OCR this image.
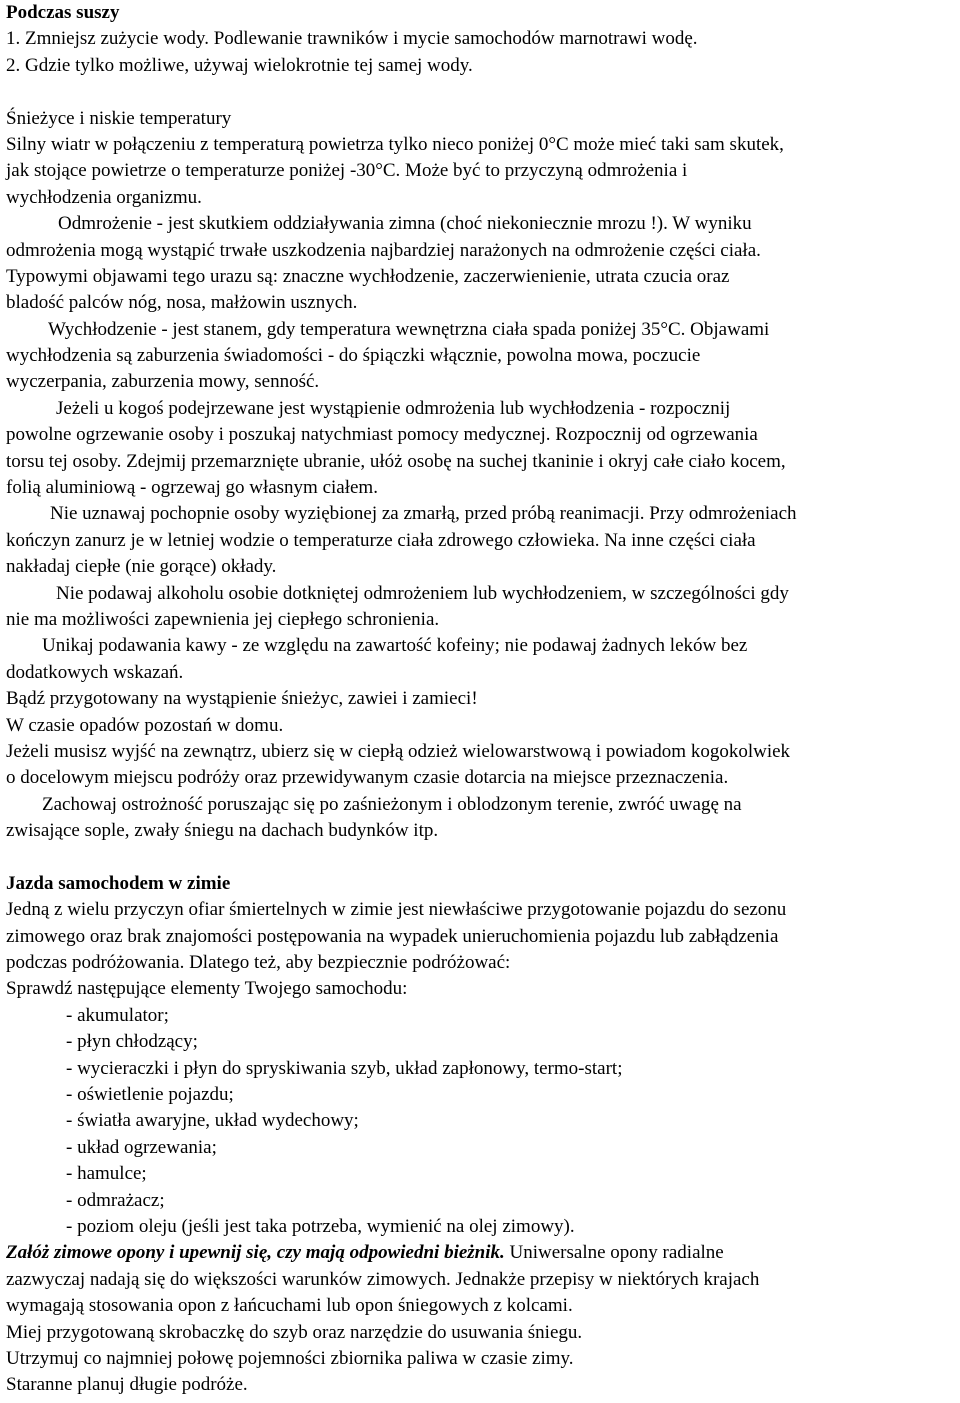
Podczas suszy
1. Zmniejsz zużycie wody. Podlewanie trawników i mycie samochodów marnotrawi wodę.
2. Gdzie tylko możliwe, używaj wielokrotnie tej samej wody.
Śnieżyce i niskie temperatury
Silny wiatr w połączeniu z temperaturą powietrza tylko nieco poniżej 0°C może mieć taki sam skutek,
jak stojące powietrze o temperaturze poniżej -30°C. Może być to przyczyną odmrożenia i
wychłodzenia organizmu.
Odmrożenie - jest skutkiem oddziaływania zimna (choć niekoniecznie mrozu !). W wyniku
odmrożenia mogą wystąpić trwałe uszkodzenia najbardziej narażonych na odmrożenie części ciała.
Typowymi objawami tego urazu są: znaczne wychłodzenie, zaczerwienienie, utrata czucia oraz
bladość palców nóg, nosa, małżowin usznych.
Wychłodzenie - jest stanem, gdy temperatura wewnętrzna ciała spada poniżej 35°C. Objawami
wychłodzenia są zaburzenia świadomości - do śpiączki włącznie, powolna mowa, poczucie
wyczerpania, zaburzenia mowy, senność.
Jeżeli u kogoś podejrzewane jest wystąpienie odmrożenia lub wychłodzenia - rozpocznij
powolne ogrzewanie osoby i poszukaj natychmiast pomocy medycznej. Rozpocznij od ogrzewania
torsu tej osoby. Zdejmij przemarznięte ubranie, ułóż osobę na suchej tkaninie i okryj całe ciało kocem,
folią aluminiową - ogrzewaj go własnym ciałem.
Nie uznawaj pochopnie osoby wyziębionej za zmarłą, przed próbą reanimacji. Przy odmrożeniach
kończyn zanurz je w letniej wodzie o temperaturze ciała zdrowego człowieka. Na inne części ciała
nakładaj ciepłe (nie gorące) okłady.
Nie podawaj alkoholu osobie dotkniętej odmrożeniem lub wychłodzeniem, w szczególności gdy
nie ma możliwości zapewnienia jej ciepłego schronienia.
Unikaj podawania kawy - ze względu na zawartość kofeiny; nie podawaj żadnych leków bez
dodatkowych wskazań.
Bądź przygotowany na wystąpienie śnieżyc, zawiei i zamieci!
W czasie opadów pozostań w domu.
Jeżeli musisz wyjść na zewnątrz, ubierz się w ciepłą odzież wielowarstwową i powiadom kogokolwiek
o docelowym miejscu podróży oraz przewidywanym czasie dotarcia na miejsce przeznaczenia.
Zachowaj ostrożność poruszając się po zaśnieżonym i oblodzonym terenie, zwróć uwagę na
zwisające sople, zwały śniegu na dachach budynków itp.
Jazda samochodem w zimie
Jedną z wielu przyczyn ofiar śmiertelnych w zimie jest niewłaściwe przygotowanie pojazdu do sezonu
zimowego oraz brak znajomości postępowania na wypadek unieruchomienia pojazdu lub zabłądzenia
podczas podróżowania. Dlatego też, aby bezpiecznie podróżować:
Sprawdź następujące elementy Twojego samochodu:
- akumulator;
- płyn chłodzący;
- wycieraczki i płyn do spryskiwania szyb, układ zapłonowy, termo-start;
- oświetlenie pojazdu;
- światła awaryjne, układ wydechowy;
- układ ogrzewania;
- hamulce;
- odmrażacz;
- poziom oleju (jeśli jest taka potrzeba, wymienić na olej zimowy).
Załóż zimowe opony i upewnij się, czy mają odpowiedni bieżnik. Uniwersalne opony radialne
zazwyczaj nadają się do większości warunków zimowych. Jednakże przepisy w niektórych krajach
wymagają stosowania opon z łańcuchami lub opon śniegowych z kolcami.
Miej przygotowaną skrobaczkę do szyb oraz narzędzie do usuwania śniegu.
Utrzymuj co najmniej połowę pojemności zbiornika paliwa w czasie zimy.
Staranne planuj długie podróże.
